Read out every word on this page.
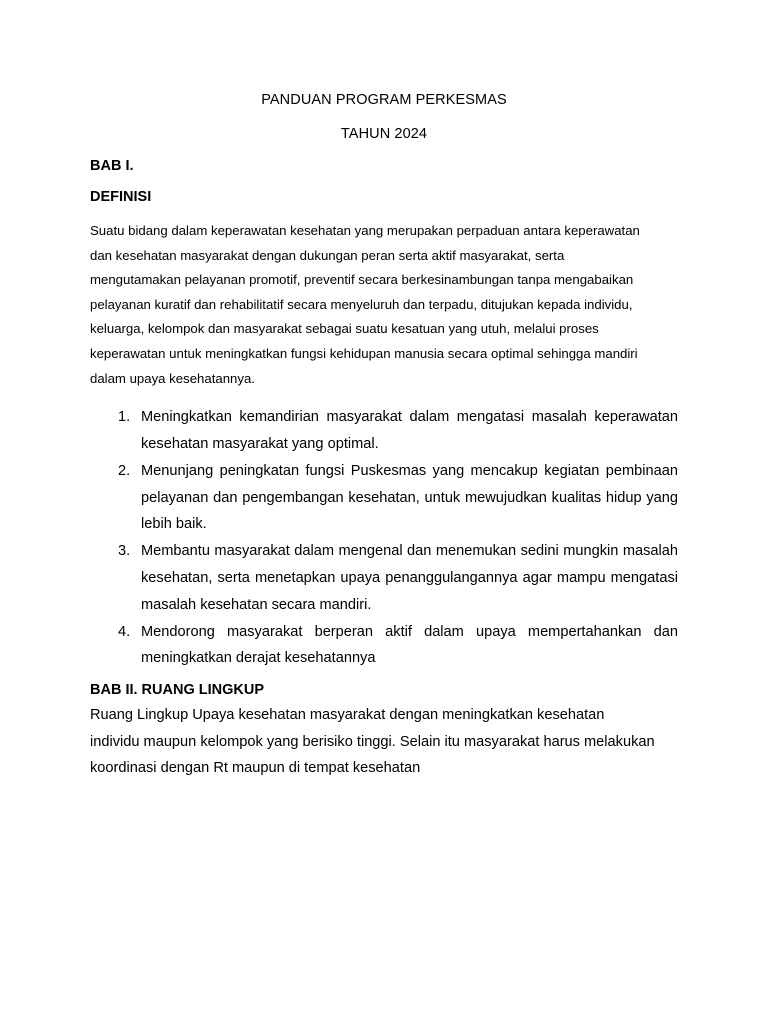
PANDUAN PROGRAM PERKESMAS
TAHUN 2024
BAB I.
DEFINISI

Suatu bidang dalam keperawatan kesehatan yang merupakan perpaduan antara keperawatan
dan kesehatan masyarakat dengan dukungan peran serta aktif masyarakat, serta
mengutamakan pelayanan promotif, preventif secara berkesinambungan tanpa mengabaikan
pelayanan kuratif dan rehabilitatif secara menyeluruh dan terpadu, ditujukan kepada individu,
keluarga, kelompok dan masyarakat sebagai suatu kesatuan yang utuh, melalui proses
keperawatan untuk meningkatkan fungsi kehidupan manusia secara optimal sehingga mandiri
dalam upaya kesehatannya.

1. Meningkatkan kemandirian masyarakat dalam mengatasi masalah keperawatan kesehatan masyarakat yang optimal.
2. Menunjang peningkatan fungsi Puskesmas yang mencakup kegiatan pembinaan pelayanan dan pengembangan kesehatan, untuk mewujudkan kualitas hidup yang lebih baik.
3. Membantu masyarakat dalam mengenal dan menemukan sedini mungkin masalah kesehatan, serta menetapkan upaya penanggulangannya agar mampu mengatasi masalah kesehatan secara mandiri.
4. Mendorong masyarakat berperan aktif dalam upaya mempertahankan dan meningkatkan derajat kesehatannya
BAB II. RUANG LINGKUP

Ruang Lingkup Upaya kesehatan masyarakat dengan meningkatkan kesehatan
individu maupun kelompok yang berisiko tinggi. Selain itu masyarakat harus melakukan
koordinasi dengan Rt maupun di tempat kesehatan
